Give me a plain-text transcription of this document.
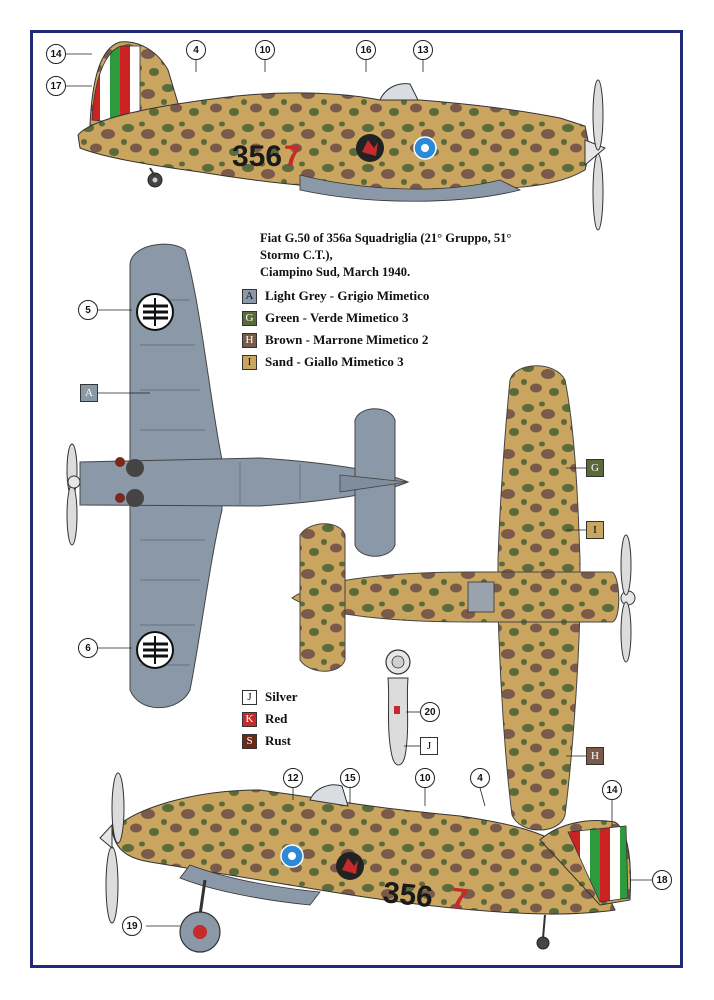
356 7
356 7
Fiat G.50 of 356a Squadriglia (21° Gruppo, 51° Stormo C.T.),
Ciampino Sud, March 1940.
A Light Grey - Grigio Mimetico
G Green - Verde Mimetico 3
H Brown - Marrone Mimetico 2
I	Sand - Giallo Mimetico 3
J	Silver
K Red
S Rust
14
17
4	10	16	13
5
6
A
G
I
H
20
J
12	15	10	4
14
18
19
